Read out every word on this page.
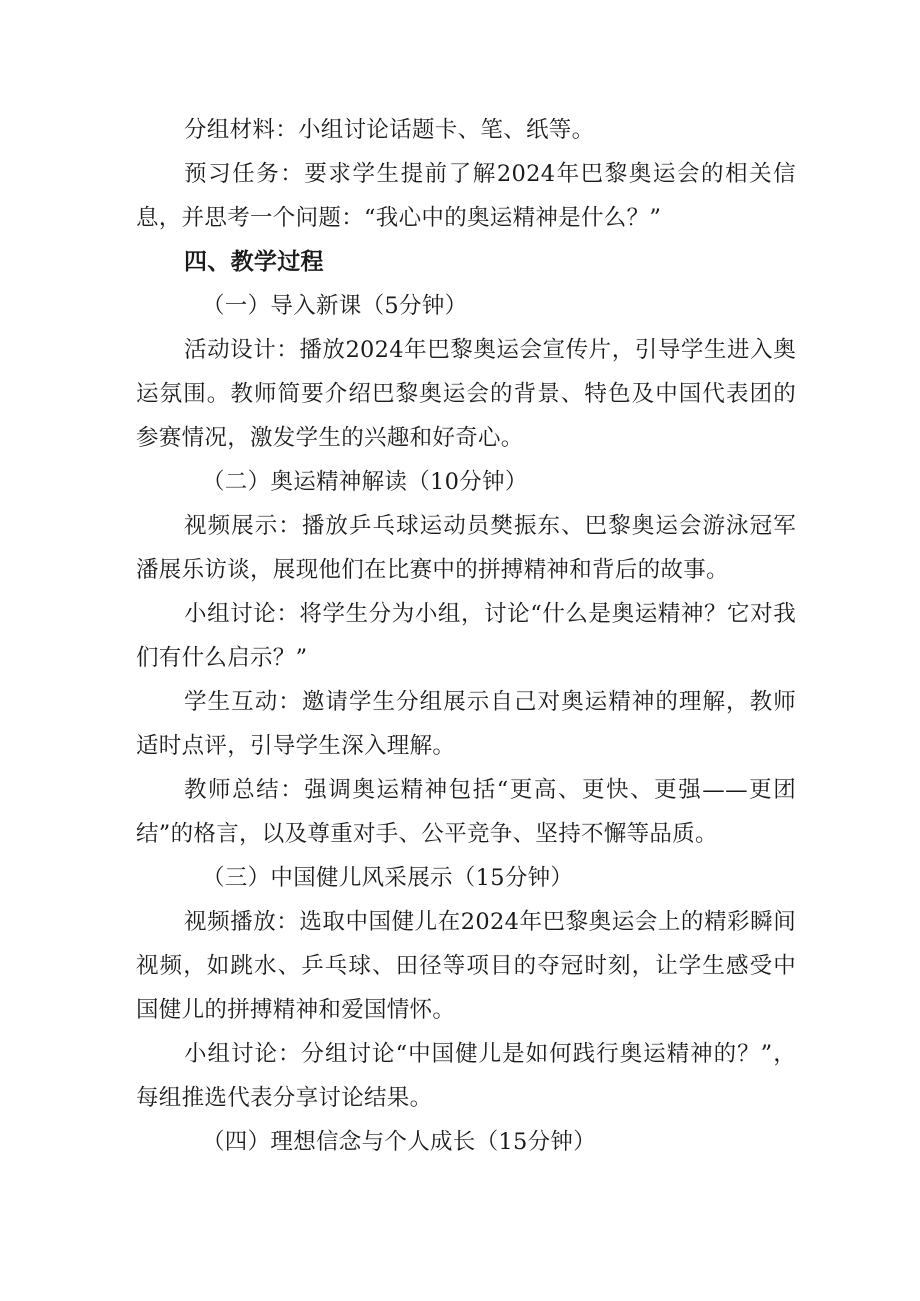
分组材料：小组讨论话题卡、笔、纸等。

预习任务：要求学生提前了解2024年巴黎奥运会的相关信息，并思考一个问题：“我心中的奥运精神是什么？”

四、教学过程

（一）导入新课（5分钟）

活动设计：播放2024年巴黎奥运会宣传片，引导学生进入奥运氛围。教师简要介绍巴黎奥运会的背景、特色及中国代表团的参赛情况，激发学生的兴趣和好奇心。

（二）奥运精神解读（10分钟）

视频展示：播放乒乓球运动员樊振东、巴黎奥运会游泳冠军潘展乐访谈，展现他们在比赛中的拼搏精神和背后的故事。

小组讨论：将学生分为小组，讨论“什么是奥运精神？它对我们有什么启示？”

学生互动：邀请学生分组展示自己对奥运精神的理解，教师适时点评，引导学生深入理解。

教师总结：强调奥运精神包括“更高、更快、更强——更团结”的格言，以及尊重对手、公平竞争、坚持不懈等品质。

（三）中国健儿风采展示（15分钟）

视频播放：选取中国健儿在2024年巴黎奥运会上的精彩瞬间视频，如跳水、乒乓球、田径等项目的夺冠时刻，让学生感受中国健儿的拼搏精神和爱国情怀。

小组讨论：分组讨论“中国健儿是如何践行奥运精神的？”，每组推选代表分享讨论结果。

（四）理想信念与个人成长（15分钟）
